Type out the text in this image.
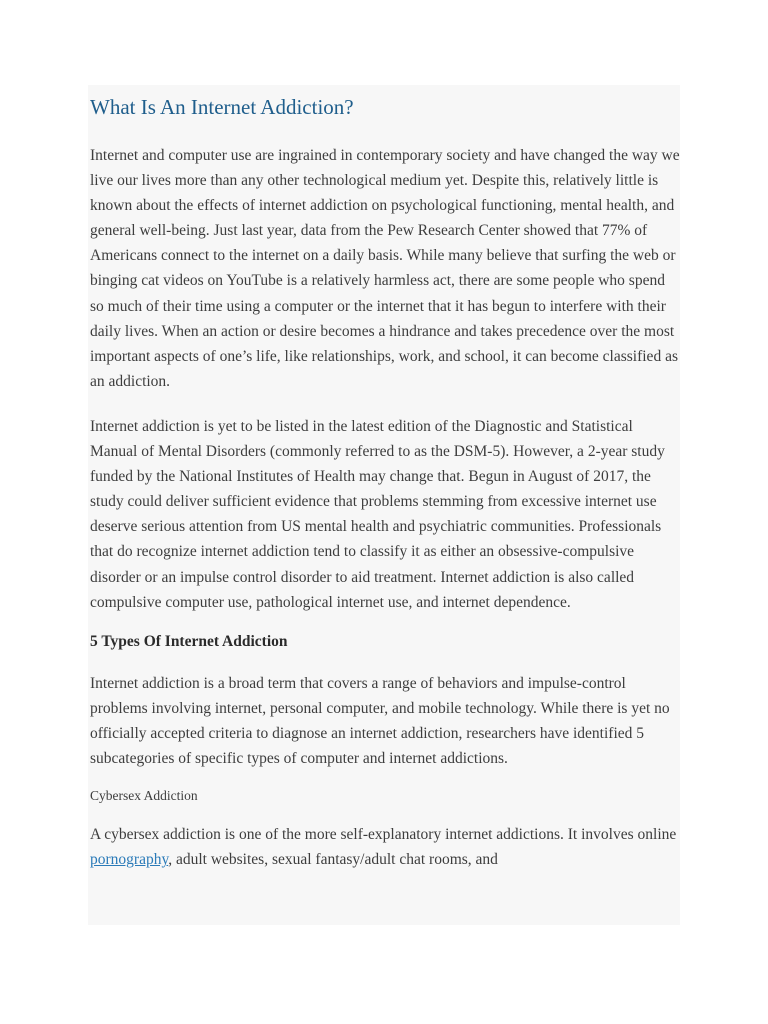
What Is An Internet Addiction?

Internet and computer use are ingrained in contemporary society and have changed the way we live our lives more than any other technological medium yet. Despite this, relatively little is known about the effects of internet addiction on psychological functioning, mental health, and general well-being. Just last year, data from the Pew Research Center showed that 77% of Americans connect to the internet on a daily basis. While many believe that surfing the web or binging cat videos on YouTube is a relatively harmless act, there are some people who spend so much of their time using a computer or the internet that it has begun to interfere with their daily lives. When an action or desire becomes a hindrance and takes precedence over the most important aspects of one’s life, like relationships, work, and school, it can become classified as an addiction.

Internet addiction is yet to be listed in the latest edition of the Diagnostic and Statistical Manual of Mental Disorders (commonly referred to as the DSM-5). However, a 2-year study funded by the National Institutes of Health may change that. Begun in August of 2017, the study could deliver sufficient evidence that problems stemming from excessive internet use deserve serious attention from US mental health and psychiatric communities. Professionals that do recognize internet addiction tend to classify it as either an obsessive-compulsive disorder or an impulse control disorder to aid treatment. Internet addiction is also called compulsive computer use, pathological internet use, and internet dependence.

5 Types Of Internet Addiction

Internet addiction is a broad term that covers a range of behaviors and impulse-control problems involving internet, personal computer, and mobile technology. While there is yet no officially accepted criteria to diagnose an internet addiction, researchers have identified 5 subcategories of specific types of computer and internet addictions.

Cybersex Addiction

A cybersex addiction is one of the more self-explanatory internet addictions. It involves online pornography, adult websites, sexual fantasy/adult chat rooms, and
